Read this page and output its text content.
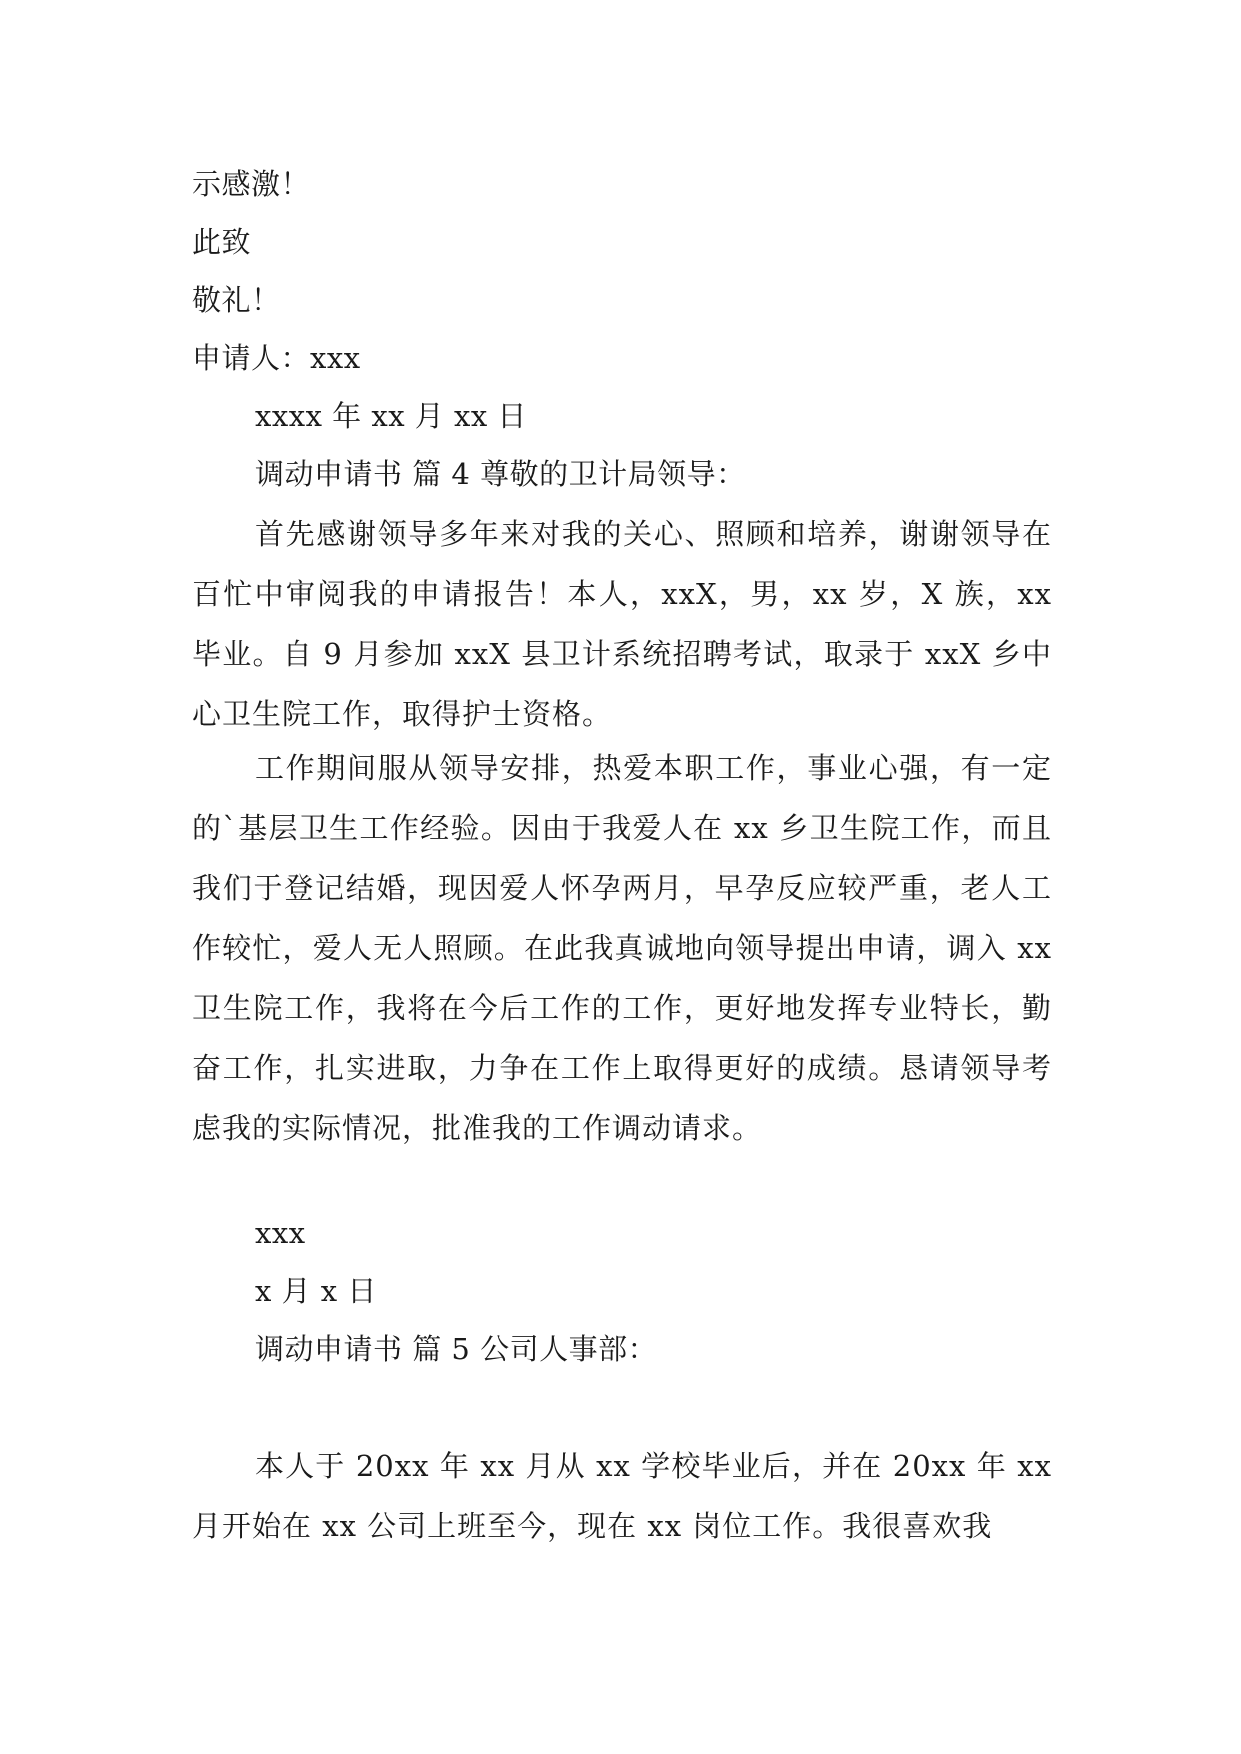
示感激！
此致
敬礼！
申请人：xxx
xxxx 年 xx 月 xx 日
调动申请书 篇 4 尊敬的卫计局领导：

首先感谢领导多年来对我的关心、照顾和培养，谢谢领导在百忙中审阅我的申请报告！本人，xxX，男，xx 岁，X 族，xx 毕业。自 9 月参加 xxX 县卫计系统招聘考试，取录于 xxX 乡中心卫生院工作，取得护士资格。

工作期间服从领导安排，热爱本职工作，事业心强，有一定的`基层卫生工作经验。因由于我爱人在 xx 乡卫生院工作，而且我们于登记结婚，现因爱人怀孕两月，早孕反应较严重，老人工作较忙，爱人无人照顾。在此我真诚地向领导提出申请，调入 xx 卫生院工作，我将在今后工作的工作，更好地发挥专业特长，勤奋工作，扎实进取，力争在工作上取得更好的成绩。恳请领导考虑我的实际情况，批准我的工作调动请求。

xxx
x 月 x 日
调动申请书 篇 5 公司人事部：

本人于 20xx 年 xx 月从 xx 学校毕业后，并在 20xx 年 xx 月开始在 xx 公司上班至今，现在 xx 岗位工作。我很喜欢我
